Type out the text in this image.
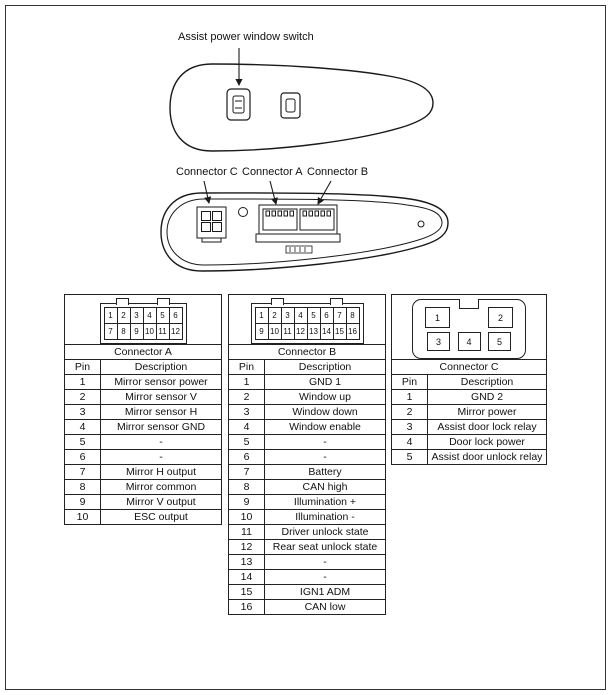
Assist power window switch
Connector C Connector A Connector B
1	2	3	4	5	6
7	8	9 10 11 12

Connector A	
Pin	Description
1	Mirror sensor power
2	Mirror sensor V
3	Mirror sensor H
4	Mirror sensor GND
5	-
6	-
7	Mirror H output
8	Mirror common
9	Mirror V output
10	ESC output
1	2	3	4	5	6	7	8
9 10 11 12 13 14 15 16

Connector B	
Pin	Description
1	GND 1
2	Window up
3	Window down
4	Window enable
5	-
6	-
7	Battery
8	CAN high
9	Illumination +
10	Illumination -
11	Driver unlock state
12	Rear seat unlock state
13	-
14	-
15	IGN1 ADM
16	CAN low
1 2
3 4 5	

Connector C	
Pin	Description
1	GND 2
2	Mirror power
3	Assist door lock relay
4	Door lock power
5	Assist door unlock relay
